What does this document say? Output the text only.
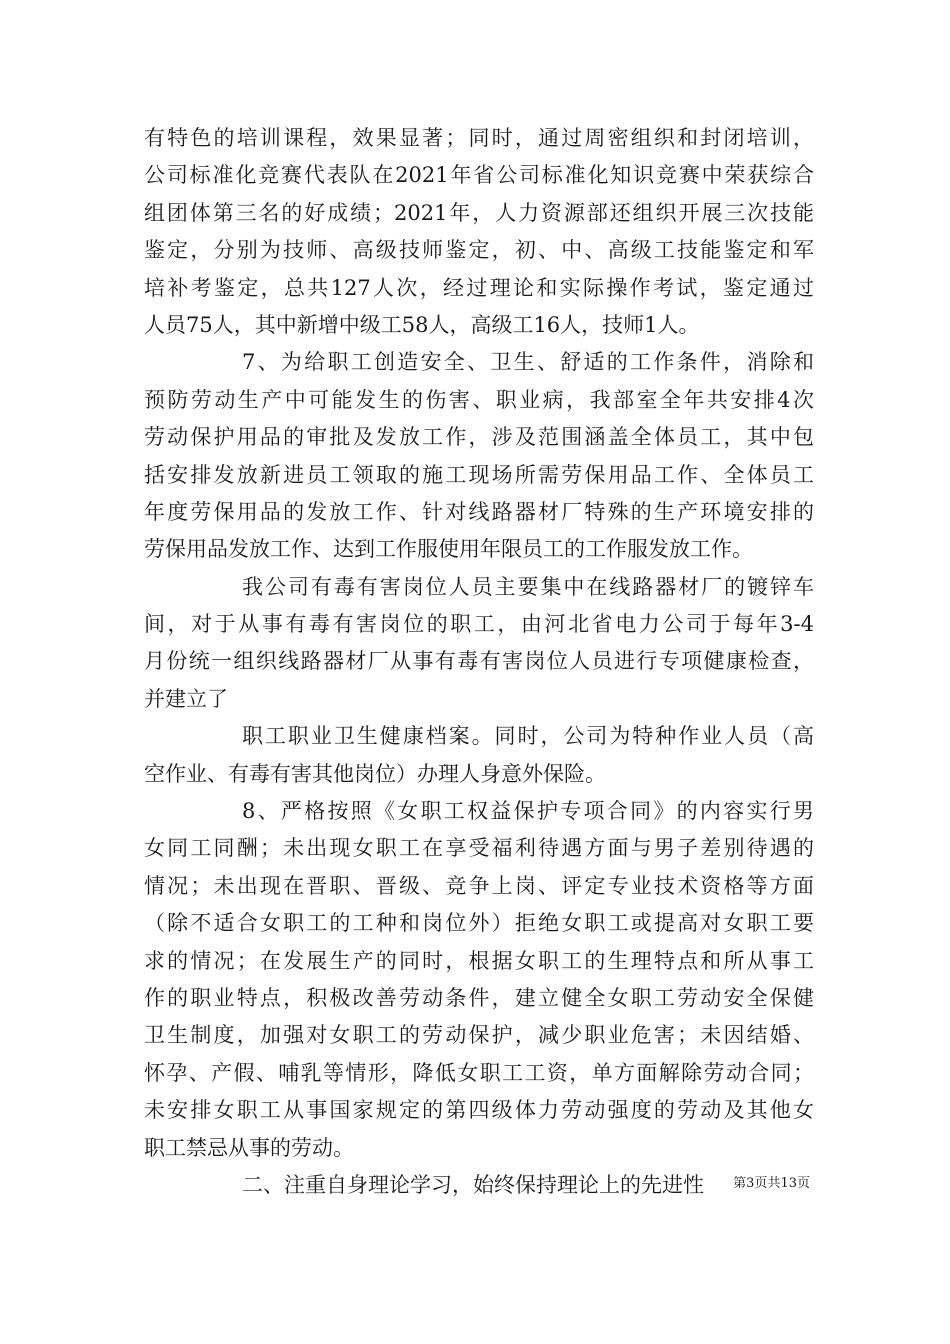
有特色的培训课程，效果显著；同时，通过周密组织和封闭培训，
公司标准化竞赛代表队在2021年省公司标准化知识竞赛中荣获综合
组团体第三名的好成绩；2021年，人力资源部还组织开展三次技能
鉴定，分别为技师、高级技师鉴定，初、中、高级工技能鉴定和军
培补考鉴定，总共127人次，经过理论和实际操作考试，鉴定通过
人员75人，其中新增中级工58人，高级工16人，技师1人。
7、为给职工创造安全、卫生、舒适的工作条件，消除和
预防劳动生产中可能发生的伤害、职业病，我部室全年共安排4次
劳动保护用品的审批及发放工作，涉及范围涵盖全体员工，其中包
括安排发放新进员工领取的施工现场所需劳保用品工作、全体员工
年度劳保用品的发放工作、针对线路器材厂特殊的生产环境安排的
劳保用品发放工作、达到工作服使用年限员工的工作服发放工作。
我公司有毒有害岗位人员主要集中在线路器材厂的镀锌车
间，对于从事有毒有害岗位的职工，由河北省电力公司于每年3-4
月份统一组织线路器材厂从事有毒有害岗位人员进行专项健康检查，
并建立了
职工职业卫生健康档案。同时，公司为特种作业人员（高
空作业、有毒有害其他岗位）办理人身意外保险。
8、严格按照《女职工权益保护专项合同》的内容实行男
女同工同酬；未出现女职工在享受福利待遇方面与男子差别待遇的
情况；未出现在晋职、晋级、竞争上岗、评定专业技术资格等方面
（除不适合女职工的工种和岗位外）拒绝女职工或提高对女职工要
求的情况；在发展生产的同时，根据女职工的生理特点和所从事工
作的职业特点，积极改善劳动条件，建立健全女职工劳动安全保健
卫生制度，加强对女职工的劳动保护，减少职业危害；未因结婚、
怀孕、产假、哺乳等情形，降低女职工工资，单方面解除劳动合同；
未安排女职工从事国家规定的第四级体力劳动强度的劳动及其他女
职工禁忌从事的劳动。
二、注重自身理论学习，始终保持理论上的先进性	第3页共13页
